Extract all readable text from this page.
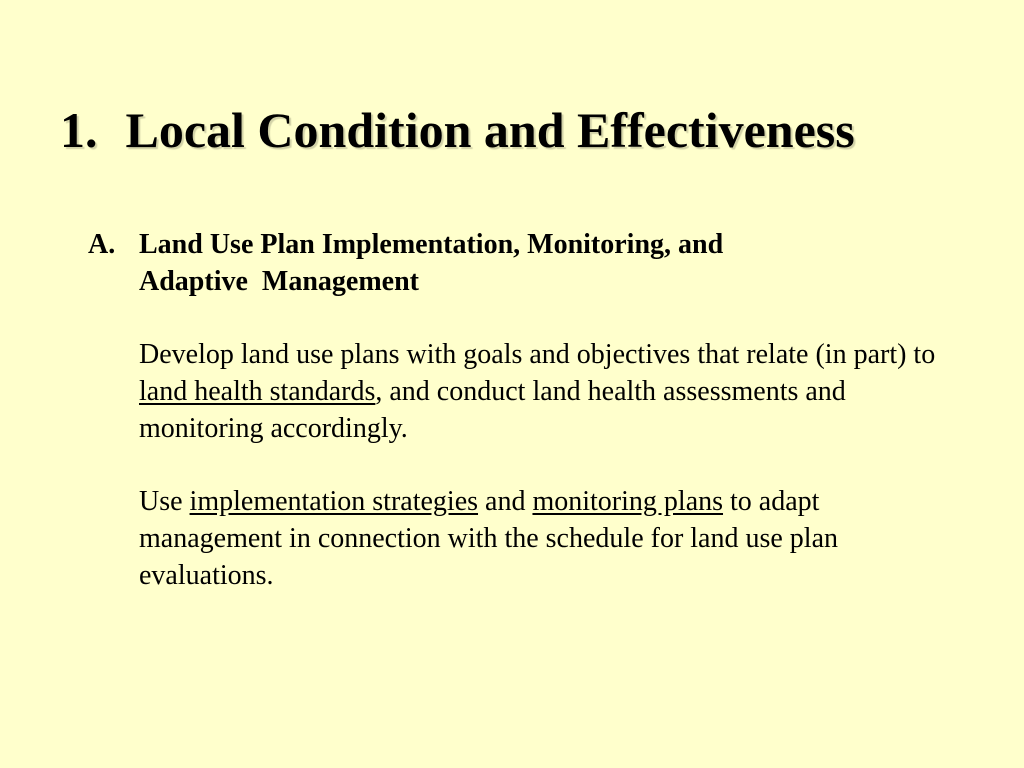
1. Local Condition and Effectiveness
A. Land Use Plan Implementation, Monitoring, and
Adaptive  Management

Develop land use plans with goals and objectives that relate (in part) to land health standards, and conduct land health assessments and monitoring accordingly.

Use implementation strategies and monitoring plans to adapt management in connection with the schedule for land use plan evaluations.
